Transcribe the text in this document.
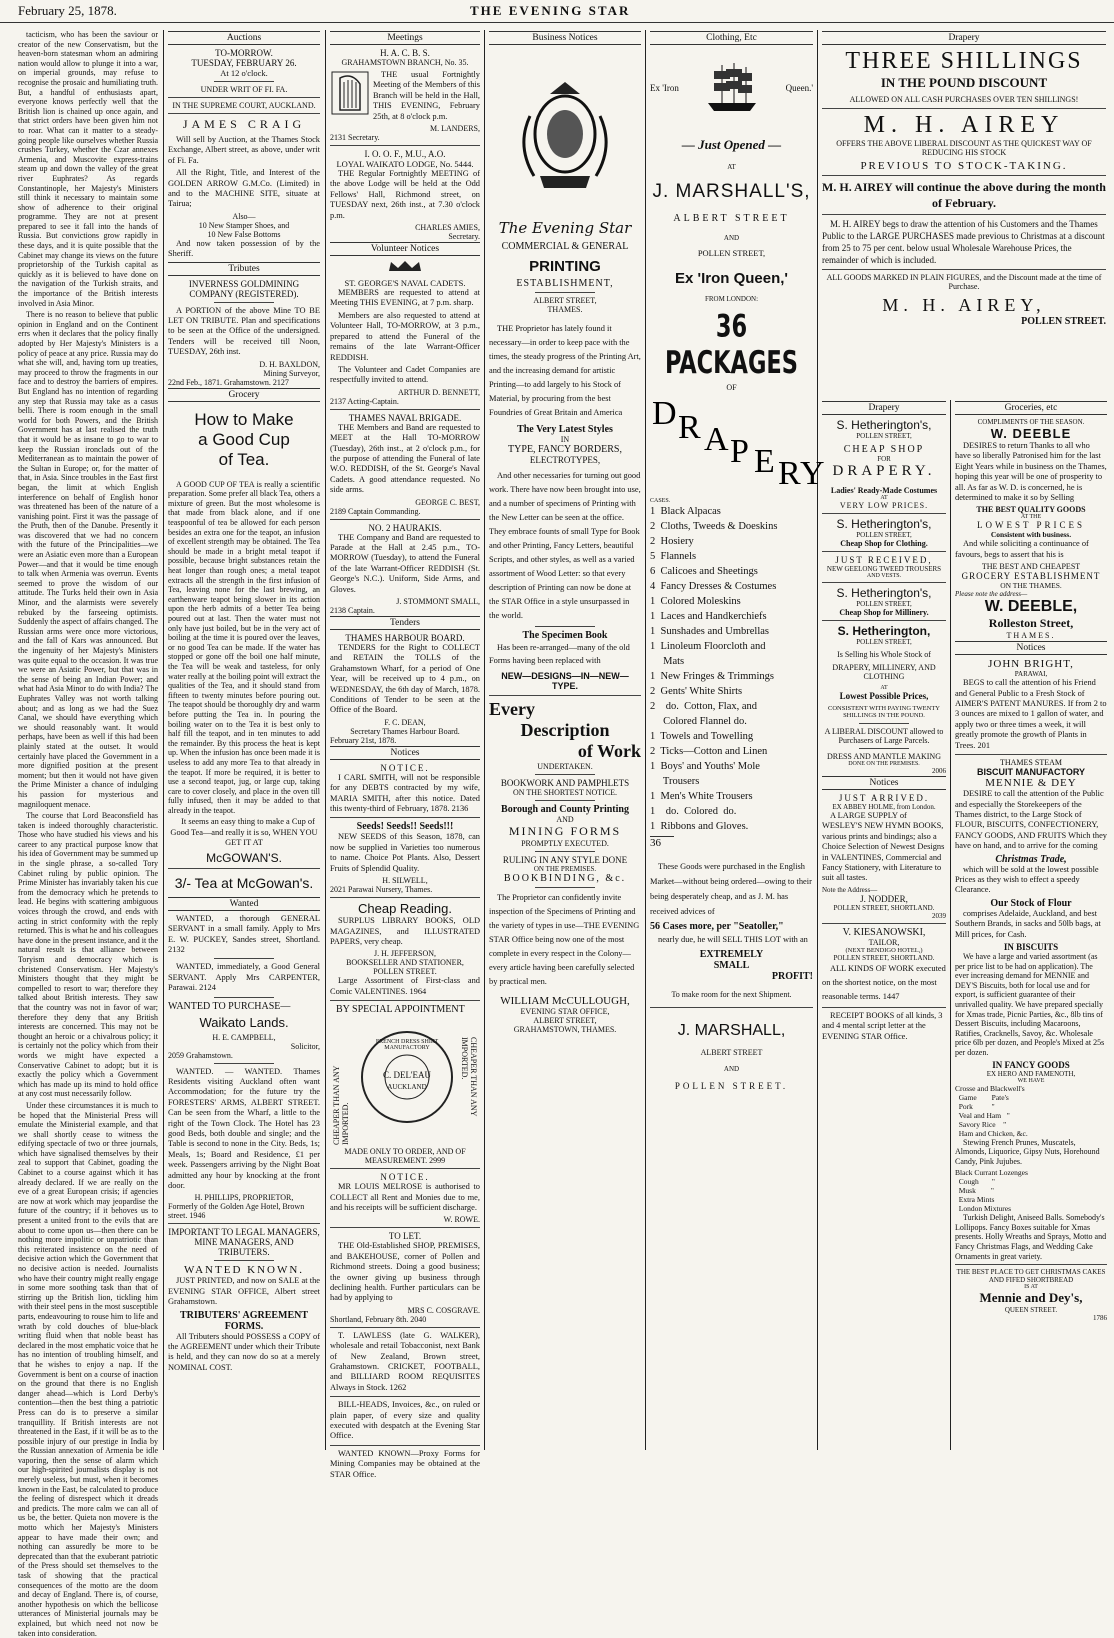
February 25, 1878.	THE EVENING STAR

tacticism, who has been the saviour or creator of the new Conservatism, but the heaven-born statesman whom an admiring nation would allow to plunge it into a war, on imperial grounds, may refuse to recognise the prosaic and humiliating truth. But, a handful of enthusiasts apart, everyone knows perfectly well that the British lion is chained up once again, and that strict orders have been given him not to roar. What can it matter to a steady-going people like ourselves whether Russia crushes Turkey, whether the Czar annexes Armenia, and Muscovite express-trains steam up and down the valley of the great river Euphrates? As regards Constantinople, her Majesty's Ministers still think it necessary to maintain some show of adherence to their original programme. They are not at present prepared to see it fall into the hands of Russia. But convictions grow rapidly in these days, and it is quite possible that the Cabinet may change its views on the future proprietorship of the Turkish capital as quickly as it is believed to have done on the navigation of the Turkish straits, and the importance of the British interests involved in Asia Minor.

There is no reason to believe that public opinion in England and on the Continent errs when it declares that the policy finally adopted by Her Majesty's Ministers is a policy of peace at any price. Russia may do what she will, and, having torn up treaties, may proceed to throw the fragments in our face and to destroy the barriers of empires. But England has no intention of regarding any step that Russia may take as a casus belli. There is room enough in the small world for both Powers, and the British Government has at last realised the truth that it would be as insane to go to war to keep the Russian ironclads out of the Mediterranean as to maintain the power of the Sultan in Europe; or, for the matter of that, in Asia. Since troubles in the East first began, the limit at which English interference on behalf of English honor was threatened has been of the nature of a vanishing point. First it was the passage of the Pruth, then of the Danube. Presently it was discovered that we had no concern with the future of the Principalities—we were an Asiatic even more than a European Power—and that it would be time enough to talk when Armenia was overrun. Events seemed to prove the wisdom of our attitude. The Turks held their own in Asia Minor, and the alarmists were severely rebuked by the farseeing optimists. Suddenly the aspect of affairs changed. The Russian arms were once more victorious, and the fall of Kars was announced. But the ingenuity of her Majesty's Ministers was quite equal to the occasion. It was true we were an Asiatic Power, but that was in the sense of being an Indian Power; and what had Asia Minor to do with India? The Euphrates Valley was not worth talking about; and as long as we had the Suez Canal, we should have everything which we should reasonably want. It would perhaps, have been as well if this had been plainly stated at the outset. It would certainly have placed the Government in a more dignified position at the present moment; but then it would not have given the Prime Minister a chance of indulging his passion for mysterious and magniloquent menace.

The course that Lord Beaconsfield has taken is indeed thoroughly characteristic. Those who have studied his views and his career to any practical purpose know that his idea of Government may be summed up in the single phrase, a so-called Tory Cabinet ruling by public opinion. The Prime Minister has invariably taken his cue from the democracy which he pretends to lead. He begins with scattering ambiguous voices through the crowd, and ends with acting in strict conformity with the reply returned. This is what he and his colleagues have done in the present instance, and it the natural result is that alliance between Toryism and democracy which is christened Conservatism. Her Majesty's Ministers thought that they might be compelled to resort to war; therefore they talked about British interests. They saw that the country was not in favor of war; therefore they deny that any British interests are concerned. This may not be thought an heroic or a chivalrous policy; it is certainly not the policy which from their words we might have expected a Conservative Cabinet to adopt; but it is exactly the policy which a Government which has made up its mind to hold office at any cost must necessarily follow.

Under these circumstances it is much to be hoped that the Ministerial Press will emulate the Ministerial example, and that we shall shortly cease to witness the edifying spectacle of two or three journals, which have signalised themselves by their zeal to support that Cabinet, goading the Cabinet to a course against which it has already declared. If we are really on the eve of a great European crisis; if agencies are now at work which may jeopardise the future of the country; if it behoves us to present a united front to the evils that are about to come upon us—then there can be nothing more impolitic or unpatriotic than this reiterated insistence on the need of decisive action which the Government that no decisive action is needed. Journalists who have their country might really engage in some more soothing task than that of stirring up the British lion, tickling him with their steel pens in the most susceptible parts, endeavouring to rouse him to life and wrath by cold douches of blue-black writing fluid when that noble beast has declared in the most emphatic voice that he has no intention of troubling himself, and that he wishes to enjoy a nap. If the Government is bent on a course of inaction on the ground that there is no English danger ahead—which is Lord Derby's contention—then the best thing a patriotic Press can do is to preserve a similar tranquillity. If British interests are not threatened in the East, if it will be as to the possible injury of our prestige in India by the Russian annexation of Armenia be idle vaporing, then the sense of alarm which our high-spirited journalists display is not merely useless, but must, when it becomes known in the East, be calculated to produce the feeling of disrespect which it dreads and predicts. The more calm we can all of us be, the better. Quieta non movere is the motto which her Majesty's Ministers appear to have made their own; and nothing can assuredly be more to be deprecated than that the exuberant patriotic of the Press should set themselves to the task of showing that the practical consequences of the motto are the doom and decay of England. There is, of course, another hypothesis on which the bellicose utterances of Ministerial journals may be explained, but which need not now be taken into consideration.

Auctions
TO-MORROW.
TUESDAY, FEBRUARY 26.
At 12 o'clock.
UNDER WRIT OF FI. FA.
IN THE SUPREME COURT, AUCKLAND.
JAMES CRAIG

Will sell by Auction, at the Thames Stock Exchange, Albert street, as above, under writ of Fi. Fa.

All the Right, Title, and Interest of the GOLDEN ARROW G.M.Co. (Limited) in and to the MACHINE SITE, situate at Tairua;

Also—
10 New Stamper Shoes, and
10 New False Bottoms

And now taken possession of by the Sheriff.

Tributes
INVERNESS GOLDMINING COMPANY (REGISTERED).

A PORTION of the above Mine TO BE LET ON TRIBUTE. Plan and specifications to be seen at the Office of the undersigned. Tenders will be received till Noon, TUESDAY, 26th inst.

D. H. BAXLDON,
Mining Surveyor,
22nd Feb., 1871. Grahamstown. 2127
Grocery
How to Make
a Good Cup
of Tea.

A GOOD CUP OF TEA is really a scientific preparation. Some prefer all black Tea, others a mixture of green. But the most wholesome is that made from black alone, and if one teaspoonful of tea be allowed for each person besides an extra one for the teapot, an infusion of excellent strength may be obtained. The Tea should be made in a bright metal teapot if possible, because bright substances retain the heat longer than rough ones; a metal teapot extracts all the strength in the first infusion of Tea, leaving none for the last brewing, an earthenware teapot being slower in its action upon the herb admits of a better Tea being poured out at last. Then the water must not only have just boiled, but be in the very act of boiling at the time it is poured over the leaves, or no good Tea can be made. If the water has stopped or gone off the boil one half minute, the Tea will be weak and tasteless, for only water really at the boiling point will extract the qualities of the Tea, and it should stand from fifteen to twenty minutes before pouring out. The teapot should be thoroughly dry and warm before putting the Tea in. In pouring the boiling water on to the Tea it is best only to half fill the teapot, and in ten minutes to add the remainder. By this process the heat is kept up. When the infusion has once been made it is useless to add any more Tea to that already in the teapot. If more be required, it is better to use a second teapot, jug, or large cup, taking care to cover closely, and place in the oven till fully infused, then it may be added to that already in the teapot.

It seems an easy thing to make a Cup of Good Tea—and really it is so, WHEN YOU GET IT AT

McGOWAN'S.
3/- Tea at McGowan's.
Wanted

WANTED, a thorough GENERAL SERVANT in a small family. Apply to Mrs E. W. PUCKEY, Sandes street, Shortland. 2132

WANTED, immediately, a Good General SERVANT. Apply Mrs CARPENTER, Parawai. 2124

WANTED TO PURCHASE—
Waikato Lands.
H. E. CAMPBELL,
Solicitor,
2059 Grahamstown.

WANTED. — WANTED. Thames Residents visiting Auckland often want Accommodation; for the future try the FORESTERS' ARMS, ALBERT STREET. Can be seen from the Wharf, a little to the right of the Town Clock. The Hotel has 23 good Beds, both double and single; and the Table is second to none in the City. Beds, 1s; Meals, 1s; Board and Residence, £1 per week. Passengers arriving by the Night Boat admitted any hour by knocking at the front door.

H. PHILLIPS, PROPRIETOR,
Formerly of the Golden Age Hotel, Brown street. 1946
IMPORTANT TO LEGAL MANAGERS, MINE MANAGERS, AND TRIBUTERS.
WANTED KNOWN.

JUST PRINTED, and now on SALE at the EVENING STAR OFFICE, Albert street Grahamstown.

TRIBUTERS' AGREEMENT FORMS.

All Tributers should POSSESS a COPY of the AGREEMENT under which their Tribute is held, and they can now do so at a merely NOMINAL COST.

Meetings
H. A. C. B. S.
GRAHAMSTOWN BRANCH, No. 35.

THE usual Fortnightly Meeting of the Members of this Branch will be held in the Hall, THIS EVENING, February 25th, at 8 o'clock p.m.

M. LANDERS,
2131 Secretary.
I. O. O. F., M.U., A.O.
LOYAL WAIKATO LODGE, No. 5444.

THE Regular Fortnightly MEETING of the above Lodge will be held at the Odd Fellows' Hall, Richmond street, on TUESDAY next, 26th inst., at 7.30 o'clock p.m.

CHARLES AMIES,
Secretary.
Volunteer Notices
ST. GEORGE'S NAVAL CADETS.

MEMBERS are requested to attend at Meeting THIS EVENING, at 7 p.m. sharp.

Members are also requested to attend at Volunteer Hall, TO-MORROW, at 3 p.m., prepared to attend the Funeral of the remains of the late Warrant-Officer REDDISH.

The Volunteer and Cadet Companies are respectfully invited to attend.

ARTHUR D. BENNETT,
2137 Acting-Captain.
THAMES NAVAL BRIGADE.

THE Members and Band are requested to MEET at the Hall TO-MORROW (Tuesday), 26th inst., at 2 o'clock p.m., for the purpose of attending the Funeral of late W.O. REDDISH, of the St. George's Naval Cadets. A good attendance requested. No side arms.

GEORGE C. BEST,
2189 Captain Commanding.
NO. 2 HAURAKIS.

THE Company and Band are requested to Parade at the Hall at 2.45 p.m., TO-MORROW (Tuesday), to attend the Funeral of the late Warrant-Officer REDDISH (St. George's N.C.). Uniform, Side Arms, and Gloves.

J. STOMMONT SMALL,
2138 Captain.
Tenders
THAMES HARBOUR BOARD.

TENDERS for the Right to COLLECT and RETAIN the TOLLS of the Grahamstown Wharf, for a period of One Year, will be received up to 4 p.m., on WEDNESDAY, the 6th day of March, 1878. Conditions of Tender to be seen at the Office of the Board.

F. C. DEAN,
Secretary Thames Harbour Board.
February 21st, 1878.
Notices
NOTICE.

I CARL SMITH, will not be responsible for any DEBTS contracted by my wife, MARIA SMITH, after this notice. Dated this twenty-third of February, 1878. 2136

Seeds! Seeds!! Seeds!!!

NEW SEEDS of this Season, 1878, can now be supplied in Varieties too numerous to name. Choice Pot Plants. Also, Dessert Fruits of Splendid Quality.

H. SILWELL,
2021 Parawai Nursery, Thames.
Cheap Reading.

SURPLUS LIBRARY BOOKS, OLD MAGAZINES, and ILLUSTRATED PAPERS, very cheap.

J. H. JEFFERSON,
BOOKSELLER AND STATIONER, POLLEN STREET.

Large Assortment of First-class and Comic VALENTINES. 1964

BY SPECIAL APPOINTMENT
CHEAPER THAN ANY IMPORTED.
CHEAPER THAN ANY IMPORTED.
FRENCH DRESS SHIRT MANUFACTORY
C. DEL'EAU
AUCKLAND
MADE ONLY TO ORDER, AND OF MEASUREMENT. 2999
NOTICE.

MR LOUIS MELROSE is authorised to COLLECT all Rent and Monies due to me, and his receipts will be sufficient discharge.

W. ROWE.
TO LET.

THE Old-Established SHOP, PREMISES, and BAKEHOUSE, corner of Pollen and Richmond streets. Doing a good business; the owner giving up business through declining health. Further particulars can be had by applying to

MRS C. COSGRAVE.
Shortland, February 8th. 2040

T. LAWLESS (late G. WALKER), wholesale and retail Tobacconist, next Bank of New Zealand, Brown street, Grahamstown. CRICKET, FOOTBALL, and BILLIARD ROOM REQUISITES Always in Stock. 1262

BILL-HEADS, Invoices, &c., on ruled or plain paper, of every size and quality executed with despatch at the Evening Star Office.

WANTED KNOWN—Proxy Forms for Mining Companies may be obtained at the STAR Office.

Business Notices
The Evening Star
COMMERCIAL & GENERAL
PRINTING
ESTABLISHMENT,
ALBERT STREET,
THAMES.

THE Proprietor has lately found it necessary—in order to keep pace with the times, the steady progress of the Printing Art, and the increasing demand for artistic Printing—to add largely to his Stock of Material, by procuring from the best Foundries of Great Britain and America

The Very Latest Styles
IN
TYPE, FANCY BORDERS,
ELECTROTYPES,

And other necessaries for turning out good work. There have now been brought into use, and a number of specimens of Printing with the New Letter can be seen at the office. They embrace founts of small Type for Book and other Printing, Fancy Letters, beautiful Scripts, and other styles, as well as a varied assortment of Wood Letter: so that every description of Printing can now be done at the STAR Office in a style unsurpassed in the world.

The Specimen Book

Has been re-arranged—many of the old Forms having been replaced with

NEW—DESIGNS—IN—NEW—TYPE.
Every
Description
of Work
UNDERTAKEN.
BOOKWORK AND PAMPHLETS
ON THE SHORTEST NOTICE.
Borough and County Printing
AND
MINING FORMS
PROMPTLY EXECUTED.
RULING IN ANY STYLE DONE
ON THE PREMISES.
BOOKBINDING, &c.

The Proprietor can confidently invite inspection of the Specimens of Printing and the variety of types in use—THE EVENING STAR Office being now one of the most complete in every respect in the Colony—every article having been carefully selected by practical men.

WILLIAM McCULLOUGH,
EVENING STAR OFFICE,
ALBERT STREET,
GRAHAMSTOWN, THAMES.
Clothing, Etc
Ex 'Iron	Queen.'
— Just Opened —
AT
J. MARSHALL'S,
ALBERT STREET
AND
POLLEN STREET,
Ex 'Iron Queen,'
FROM LONDON:
36 PACKAGES
OF
DRAP ERY
CASES.
1  Black Alpacas
2  Cloths, Tweeds & Doeskins
2  Hosiery
5  Flannels
6  Calicoes and Sheetings
4  Fancy Dresses & Costumes
1  Colored Moleskins
1  Laces and Handkerchiefs
1  Sunshades and Umbrellas
1  Linoleum Floorcloth and
Mats
1  New Fringes & Trimmings
2  Gents' White Shirts
2    do.  Cotton, Flax, and
Colored Flannel do.
1  Towels and Towelling
2  Ticks—Cotton and Linen
1  Boys' and Youths' Mole
Trousers
1  Men's White Trousers
1    do.  Colored  do.
1  Ribbons and Gloves.
36

These Goods were purchased in the English Market—without being ordered—owing to their being desperately cheap, and as J. M. has received advices of

56 Cases more, per "Seatoller,"

nearly due, he will SELL THIS LOT with an

EXTREMELY
SMALL
PROFIT!
To make room for the next Shipment.
J. MARSHALL,
ALBERT STREET
AND
POLLEN STREET.
Drapery
THREE SHILLINGS
IN THE POUND DISCOUNT
ALLOWED ON ALL CASH PURCHASES OVER TEN SHILLINGS!
M. H. AIREY
OFFERS THE ABOVE LIBERAL DISCOUNT AS THE QUICKEST WAY OF REDUCING HIS STOCK
PREVIOUS TO STOCK-TAKING.
M. H. AIREY will continue the above during the month of February.

M. H. AIREY begs to draw the attention of his Customers and the Thames Public to the LARGE PURCHASES made previous to Christmas at a discount from 25 to 75 per cent. below usual Wholesale Warehouse Prices, the remainder of which is included.

ALL GOODS MARKED IN PLAIN FIGURES, and the Discount made at the time of Purchase.
M. H. AIREY,
POLLEN STREET.
Drapery
S. Hetherington's,
POLLEN STREET,
CHEAP SHOP
FOR
DRAPERY.
Ladies' Ready-Made Costumes
AT
VERY LOW PRICES.
S. Hetherington's,
POLLEN STREET,
Cheap Shop for Clothing.
JUST RECEIVED,
NEW GEELONG TWEED TROUSERS
AND VESTS.
S. Hetherington's,
POLLEN STREET,
Cheap Shop for Millinery.
S. Hetherington,
POLLEN STREET,
Is Selling his Whole Stock of
DRAPERY, MILLINERY, AND CLOTHING
AT
Lowest Possible Prices,
CONSISTENT WITH PAYING TWENTY SHILLINGS IN THE POUND.
A LIBERAL DISCOUNT allowed to Purchasers of Large Parcels.
DRESS AND MANTLE MAKING
DONE ON THE PREMISES.
2006
Notices
JUST ARRIVED.
EX ABBEY HOLME, from London.

A LARGE SUPPLY of WESLEY'S NEW HYMN BOOKS, various prints and bindings; also a Choice Selection of Newest Designs in VALENTINES, Commercial and Fancy Stationery, with Literature to suit all tastes.

Note the Address—
J. NODDER,
POLLEN STREET, SHORTLAND.
2039
V. KIESANOWSKI,
TAILOR,
(NEXT BENDIGO HOTEL,)
POLLEN STREET, SHORTLAND.

ALL KINDS OF WORK executed on the shortest notice, on the most reasonable terms. 1447

RECEIPT BOOKS of all kinds, 3 and 4 mental script letter at the EVENING STAR Office.

Groceries, etc
COMPLIMENTS OF THE SEASON.
W. DEEBLE

DESIRES to return Thanks to all who have so liberally Patronised him for the last Eight Years while in business on the Thames, hoping this year will be one of prosperity to all. As far as W. D. is concerned, he is determined to make it so by Selling

THE BEST QUALITY GOODS
AT THE
LOWEST PRICES
Consistent with business.

And while soliciting a continuance of favours, begs to assert that his is

THE BEST AND CHEAPEST
GROCERY ESTABLISHMENT
ON THE THAMES.
Please note the address—
W. DEEBLE,
Rolleston Street,
THAMES.
Notices
JOHN BRIGHT,
PARAWAI,

BEGS to call the attention of his Friend and General Public to a Fresh Stock of AIMER'S PATENT MANURES. If from 2 to 3 ounces are mixed to 1 gallon of water, and apply two or three times a week, it will greatly promote the growth of Plants in Trees. 201

THAMES STEAM
BISCUIT MANUFACTORY
MENNIE & DEY

DESIRE to call the attention of the Public and especially the Storekeepers of the Thames district, to the Large Stock of FLOUR, BISCUITS, CONFECTIONERY, FANCY GOODS, AND FRUITS Which they have on hand, and to arrive for the coming

Christmas Trade,

which will be sold at the lowest possible Prices as they wish to effect a speedy Clearance.

Our Stock of Flour

comprises Adelaide, Auckland, and best Southern Brands, in sacks and 50lb bags, at Mill prices, for Cash.

IN BISCUITS

We have a large and varied assortment (as per price list to be had on application). The ever increasing demand for MENNIE and DEY'S Biscuits, both for local use and for export, is sufficient guarantee of their unrivalled quality. We have prepared specially for Xmas trade, Picnic Parties, &c., 8lb tins of Dessert Biscuits, including Macaroons, Ratifies, Cracknells, Savoy, &c. Wholesale price 6lb per dozen, and People's Mixed at 25s per dozen.

IN FANCY GOODS
EX HERO AND FAMENOTH,
WE HAVE
Crosse and Blackwell's
Game        Pate's
Pork          "
Veal and Ham   "
Savory Rice    "
Ham and Chicken, &c.

Stewing French Prunes, Muscatels, Almonds, Liquorice, Gipsy Nuts, Horehound Candy, Pink Jujubes.

Black Currant Lozenges
Cough       "
Musk        "
Extra Mints
London Mixtures

Turkish Delight, Aniseed Balls. Somebody's Lollipops. Fancy Boxes suitable for Xmas presents. Holly Wreaths and Sprays, Motto and Fancy Christmas Flags, and Wedding Cake Ornaments in great variety.

THE BEST PLACE TO GET CHRISTMAS CAKES AND FIFED SHORTBREAD
IS AT
Mennie and Dey's,
QUEEN STREET.
1786
